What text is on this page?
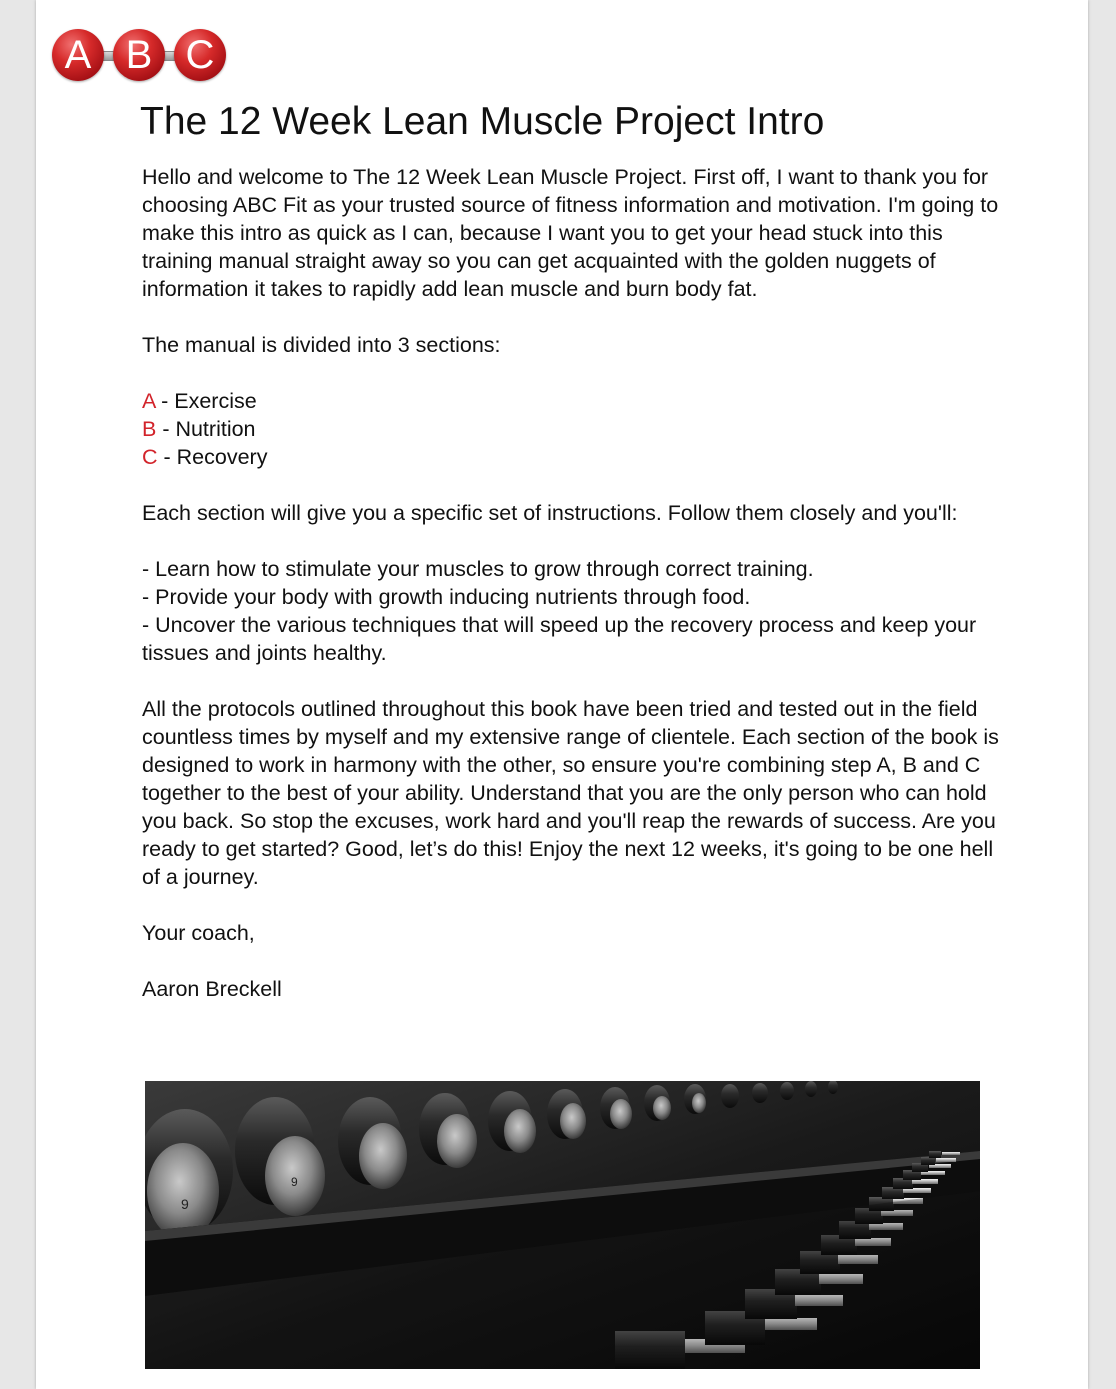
A B C
The 12 Week Lean Muscle Project Intro

Hello and welcome to The 12 Week Lean Muscle Project. First off, I want to thank you for choosing ABC Fit as your trusted source of fitness information and motivation. I'm going to make this intro as quick as I can, because I want you to get your head stuck into this training manual straight away so you can get acquainted with the golden nuggets of information it takes to rapidly add lean muscle and burn body fat.

The manual is divided into 3 sections:

A - Exercise
B - Nutrition
C - Recovery

Each section will give you a specific set of instructions. Follow them closely and you'll:

- Learn how to stimulate your muscles to grow through correct training.
- Provide your body with growth inducing nutrients through food.
- Uncover the various techniques that will speed up the recovery process and keep your tissues and joints healthy.

All the protocols outlined throughout this book have been tried and tested out in the field countless times by myself and my extensive range of clientele. Each section of the book is designed to work in harmony with the other, so ensure you're combining step A, B and C together to the best of your ability. Understand that you are the only person who can hold you back. So stop the excuses, work hard and you'll reap the rewards of success. Are you ready to get started? Good, let’s do this! Enjoy the next 12 weeks, it's going to be one hell of a journey.

Your coach,

Aaron Breckell

9
9
